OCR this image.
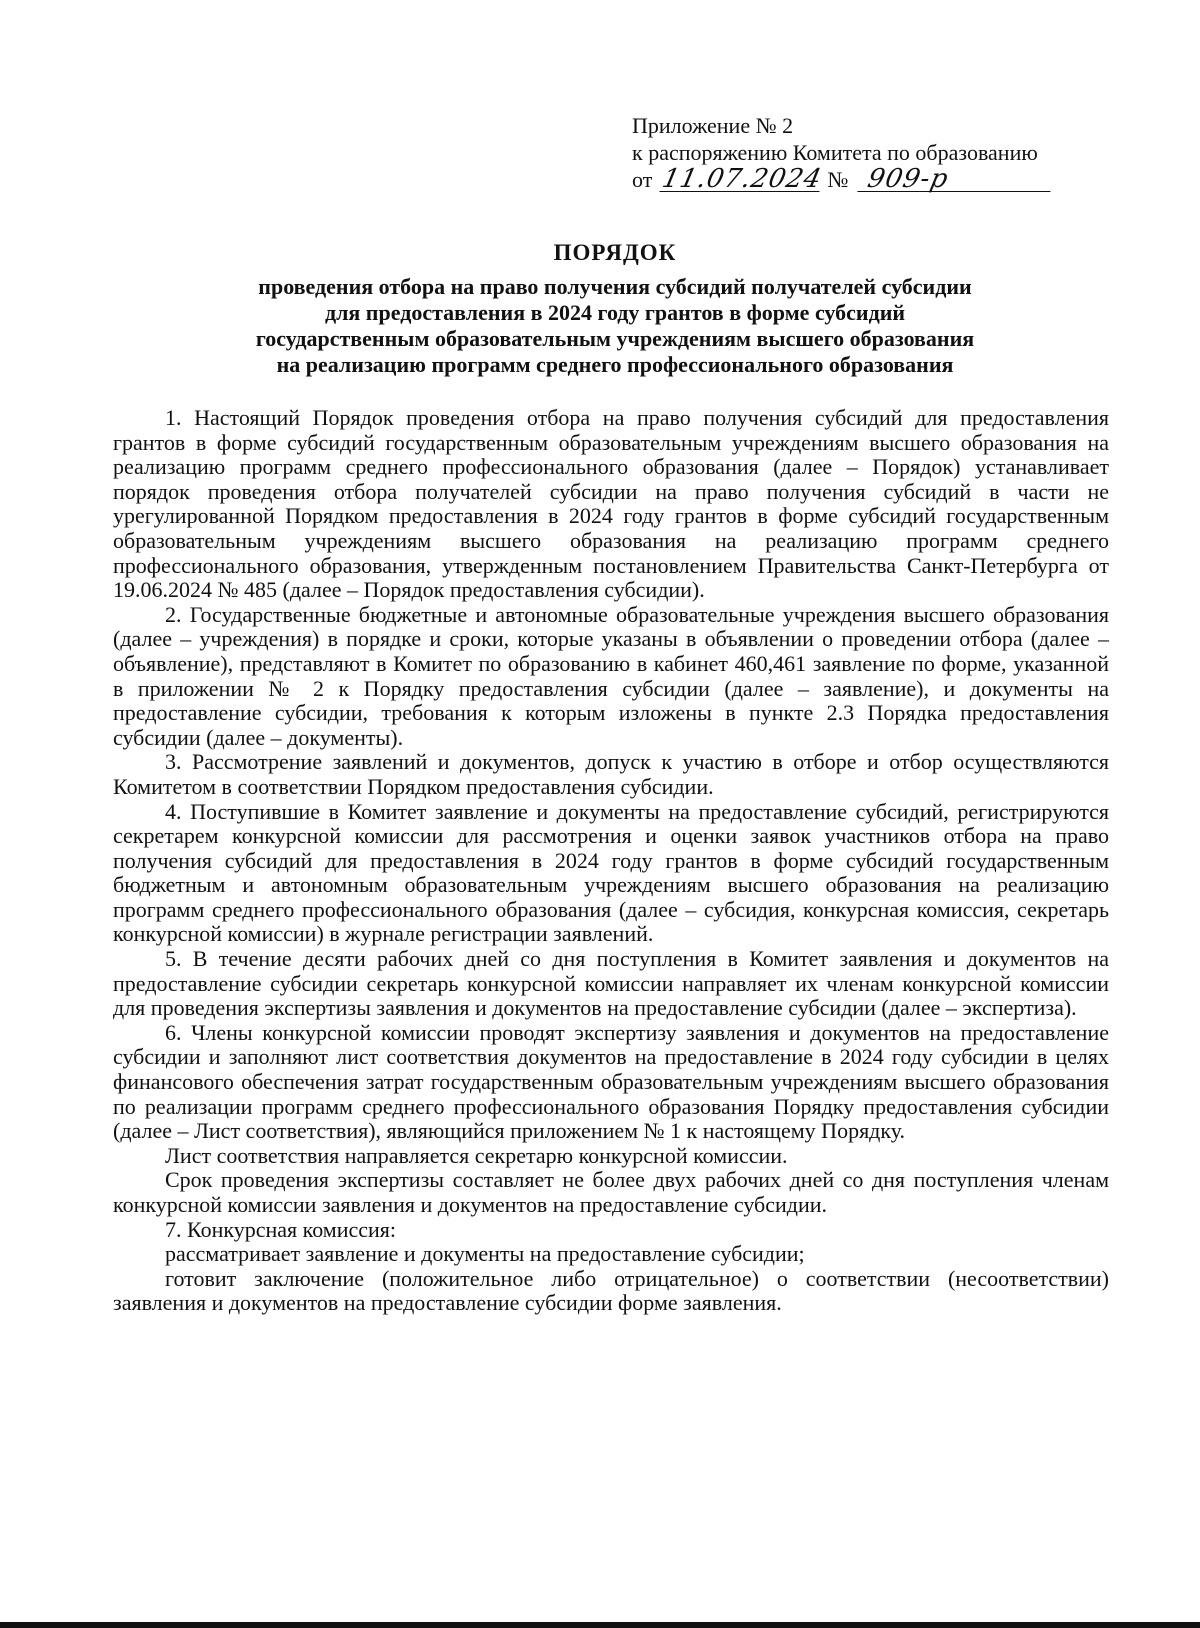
Приложение № 2
к распоряжению Комитета по образованию
от 11.07.2024 № 909-р
ПОРЯДОК
проведения отбора на право получения субсидий получателей субсидии
для предоставления в 2024 году грантов в форме субсидий
государственным образовательным учреждениям высшего образования
на реализацию программ среднего профессионального образования

1. Настоящий Порядок проведения отбора на право получения субсидий для предоставления грантов в форме субсидий государственным образовательным учреждениям высшего образования на реализацию программ среднего профессионального образования (далее – Порядок) устанавливает порядок проведения отбора получателей субсидии на право получения субсидий в части не урегулированной Порядком предоставления в 2024 году грантов в форме субсидий государственным образовательным учреждениям высшего образования на реализацию программ среднего профессионального образования, утвержденным постановлением Правительства Санкт-Петербурга от 19.06.2024 № 485 (далее – Порядок предоставления субсидии).

2. Государственные бюджетные и автономные образовательные учреждения высшего образования (далее – учреждения) в порядке и сроки, которые указаны в объявлении о проведении отбора (далее – объявление), представляют в Комитет по образованию в кабинет 460,461 заявление по форме, указанной в приложении № 2 к Порядку предоставления субсидии (далее – заявление), и документы на предоставление субсидии, требования к которым изложены в пункте 2.3 Порядка предоставления субсидии (далее – документы).

3. Рассмотрение заявлений и документов, допуск к участию в отборе и отбор осуществляются Комитетом в соответствии Порядком предоставления субсидии.

4. Поступившие в Комитет заявление и документы на предоставление субсидий, регистрируются секретарем конкурсной комиссии для рассмотрения и оценки заявок участников отбора на право получения субсидий для предоставления в 2024 году грантов в форме субсидий государственным бюджетным и автономным образовательным учреждениям высшего образования на реализацию программ среднего профессионального образования (далее – субсидия, конкурсная комиссия, секретарь конкурсной комиссии) в журнале регистрации заявлений.

5. В течение десяти рабочих дней со дня поступления в Комитет заявления и документов на предоставление субсидии секретарь конкурсной комиссии направляет их членам конкурсной комиссии для проведения экспертизы заявления и документов на предоставление субсидии (далее – экспертиза).

6. Члены конкурсной комиссии проводят экспертизу заявления и документов на предоставление субсидии и заполняют лист соответствия документов на предоставление в 2024 году субсидии в целях финансового обеспечения затрат государственным образовательным учреждениям высшего образования по реализации программ среднего профессионального образования Порядку предоставления субсидии (далее – Лист соответствия), являющийся приложением № 1 к настоящему Порядку.

Лист соответствия направляется секретарю конкурсной комиссии.

Срок проведения экспертизы составляет не более двух рабочих дней со дня поступления членам конкурсной комиссии заявления и документов на предоставление субсидии.

7. Конкурсная комиссия:

рассматривает заявление и документы на предоставление субсидии;

готовит заключение (положительное либо отрицательное) о соответствии (несоответствии) заявления и документов на предоставление субсидии форме заявления.
